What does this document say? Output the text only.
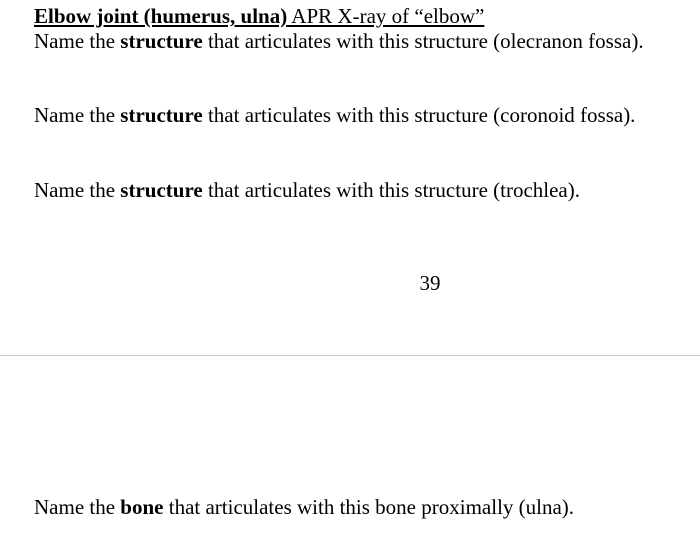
Elbow joint (humerus, ulna) APR X-ray of “elbow”
Name the structure that articulates with this structure (olecranon fossa).
Name the structure that articulates with this structure (coronoid fossa).
Name the structure that articulates with this structure (trochlea).
39
Name the bone that articulates with this bone proximally (ulna).
